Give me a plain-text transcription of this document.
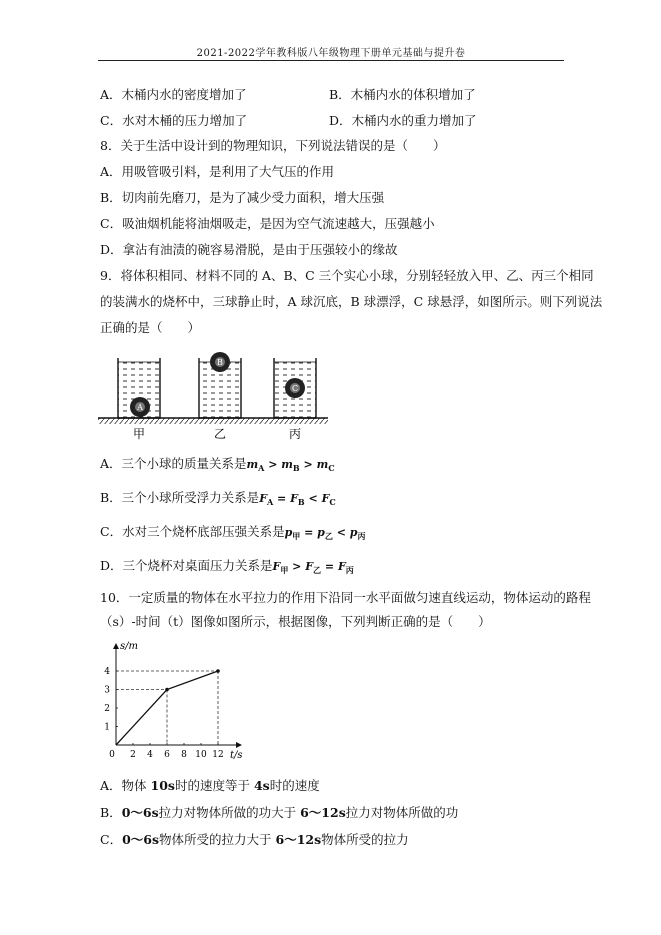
2021-2022学年教科版八年级物理下册单元基础与提升卷
A．木桶内水的密度增加了	B．木桶内水的体积增加了
C．水对木桶的压力增加了	D．木桶内水的重力增加了
8．关于生活中设计到的物理知识，下列说法错误的是（　　）
A．用吸管吸引料，是利用了大气压的作用
B．切肉前先磨刀，是为了减少受力面积，增大压强
C．吸油烟机能将油烟吸走，是因为空气流速越大，压强越小
D．拿沾有油渍的碗容易滑脱，是由于压强较小的缘故
9．将体积相同、材料不同的 A、B、C 三个实心小球，分别轻轻放入甲、乙、丙三个相同
的装满水的烧杯中，三球静止时，A 球沉底，B 球漂浮，C 球悬浮，如图所示。则下列说法
正确的是（　　）
A
B
C
甲	乙	丙
A．三个小球的质量关系是$m_A > m_B > m_C$
B．三个小球所受浮力关系是$F_A = F_B < F_C$
C．水对三个烧杯底部压强关系是$p_甲 = p_乙 < p_丙$
D．三个烧杯对桌面压力关系是$F_甲 > F_乙 = F_丙$
10．一定质量的物体在水平拉力的作用下沿同一水平面做匀速直线运动，物体运动的路程
（s）-时间（t）图像如图所示，根据图像，下列判断正确的是（　　）
0 2 4 6 8 10 12
1
2
3
4
t/s
s/m
A．物体 10s时的速度等于 4s时的速度
B．0～6s拉力对物体所做的功大于 6～12s拉力对物体所做的功
C．0～6s物体所受的拉力大于 6～12s物体所受的拉力
